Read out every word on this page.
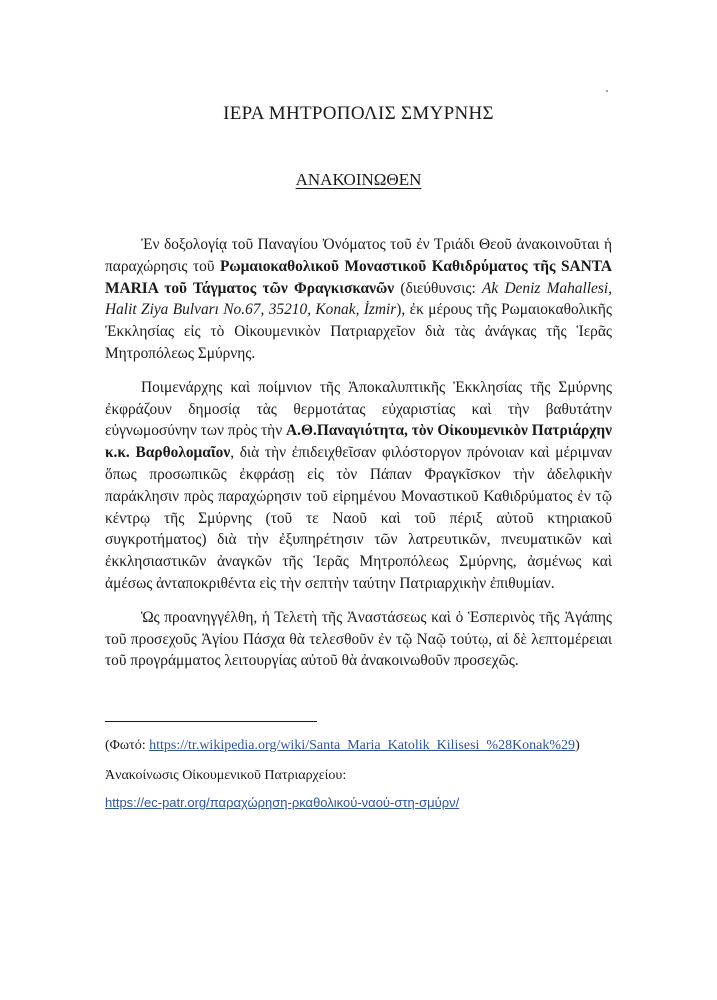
ΙΕΡΑ ΜΗΤΡΟΠΟΛΙΣ ΣΜΥΡΝΗΣ
ΑΝΑΚΟΙΝΩΘΕΝ

Ἐν δοξολογίᾳ τοῦ Παναγίου Ὀνόματος τοῦ ἐν Τριάδι Θεοῦ ἀνακοινοῦται ἡ παραχώρησις τοῦ Ρωμαιοκαθολικοῦ Μοναστικοῦ Καθιδρύματος τῆς SANTA MARIA τοῦ Τάγματος τῶν Φραγκισκανῶν (διεύθυνσις: Ak Deniz Mahallesi, Halit Ziya Bulvarı No.67, 35210, Konak, İzmir), ἐκ μέρους τῆς Ρωμαιοκαθολικῆς Ἐκκλησίας εἰς τὸ Οἰκουμενικὸν Πατριαρχεῖον διὰ τὰς ἀνάγκας τῆς Ἱερᾶς Μητροπόλεως Σμύρνης.

Ποιμενάρχης καὶ ποίμνιον τῆς Ἀποκαλυπτικῆς Ἐκκλησίας τῆς Σμύρνης ἐκφράζουν δημοσίᾳ τὰς θερμοτάτας εὐχαριστίας καὶ τὴν βαθυτάτην εὐγνωμοσύνην των πρὸς τὴν Α.Θ.Παναγιότητα, τὸν Οἰκουμενικὸν Πατριάρχην κ.κ. Βαρθολομαῖον, διὰ τὴν ἐπιδειχθεῖσαν φιλόστοργον πρόνοιαν καὶ μέριμναν ὅπως προσωπικῶς ἐκφράσῃ εἰς τὸν Πάπαν Φραγκῖσκον τὴν ἀδελφικὴν παράκλησιν πρὸς παραχώρησιν τοῦ εἰρημένου Μοναστικοῦ Καθιδρύματος ἐν τῷ κέντρῳ τῆς Σμύρνης (τοῦ τε Ναοῦ καὶ τοῦ πέριξ αὐτοῦ κτηριακοῦ συγκροτήματος) διὰ τὴν ἐξυπηρέτησιν τῶν λατρευτικῶν, πνευματικῶν καὶ ἐκκλησιαστικῶν ἀναγκῶν τῆς Ἱερᾶς Μητροπόλεως Σμύρνης, ἀσμένως καὶ ἀμέσως ἀνταποκριθέντα εἰς τὴν σεπτὴν ταύτην Πατριαρχικὴν ἐπιθυμίαν.

Ὡς προανηγγέλθη, ἡ Τελετὴ τῆς Ἀναστάσεως καὶ ὁ Ἑσπερινὸς τῆς Ἀγάπης τοῦ προσεχοῦς Ἁγίου Πάσχα θὰ τελεσθοῦν ἐν τῷ Ναῷ τούτῳ, αἱ δὲ λεπτομέρειαι τοῦ προγράμματος λειτουργίας αὐτοῦ θὰ ἀνακοινωθοῦν προσεχῶς.

(Φωτό: https://tr.wikipedia.org/wiki/Santa_Maria_Katolik_Kilisesi_%28Konak%29)
Ἀνακοίνωσις Οἰκουμενικοῦ Πατριαρχείου:
https://ec-patr.org/παραχώρηση-ρκαθολικού-ναού-στη-σμύρν/
